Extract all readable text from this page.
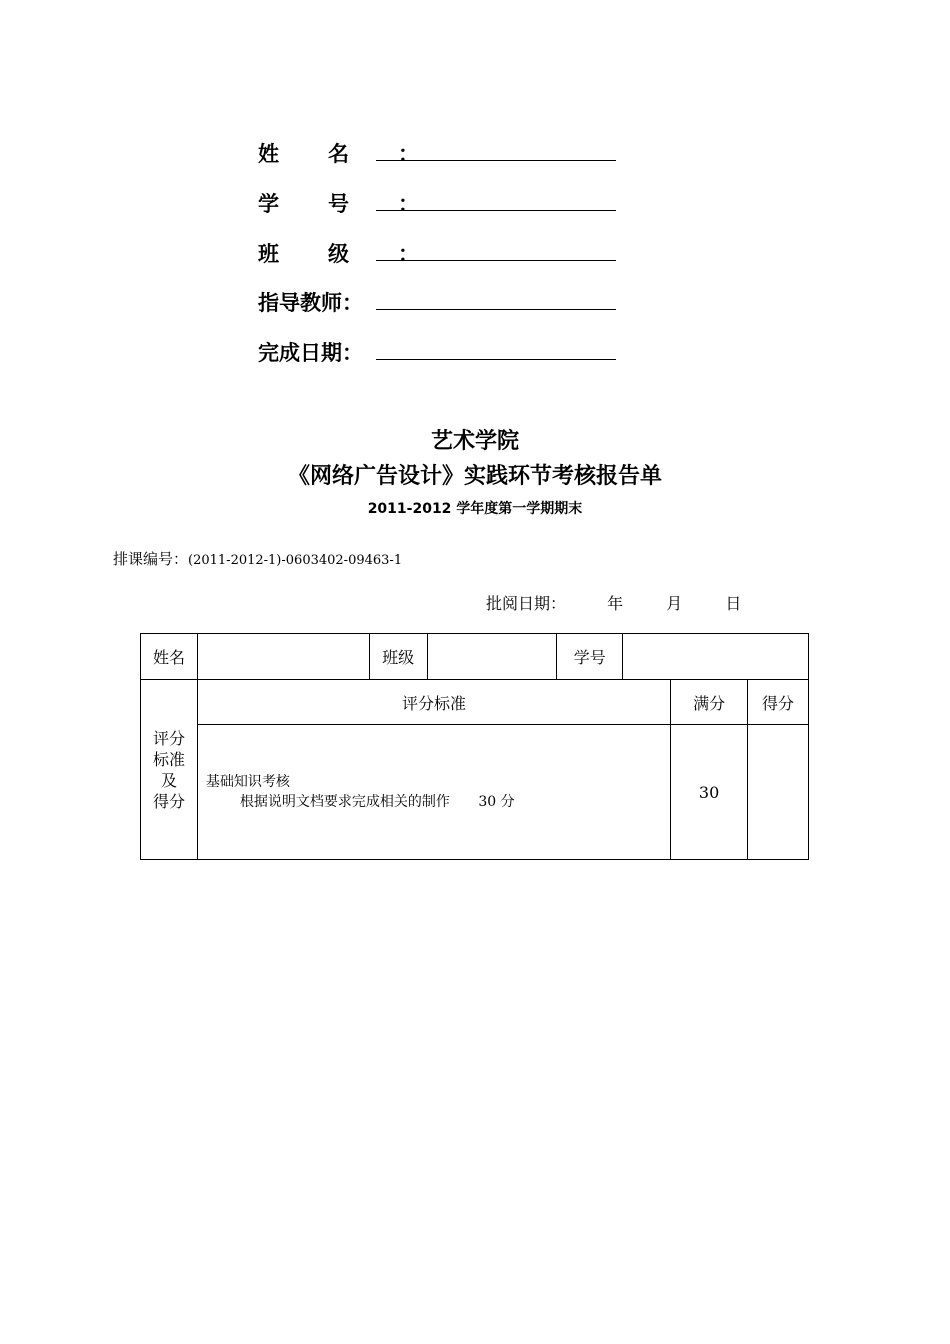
姓名：
学号：
班级：
指导教师：
完成日期：
艺术学院
《网络广告设计》实践环节考核报告单
2011-2012 学年度第一学期期末
排课编号：(2011-2012-1)-0603402-09463-1
批阅日期：	年	月	日
姓名		班级		学号			

评分
标准
及
得分	评分标准					满分	得分

	基础知识考核
根据说明文档要求完成相关的制作 30 分					30	
